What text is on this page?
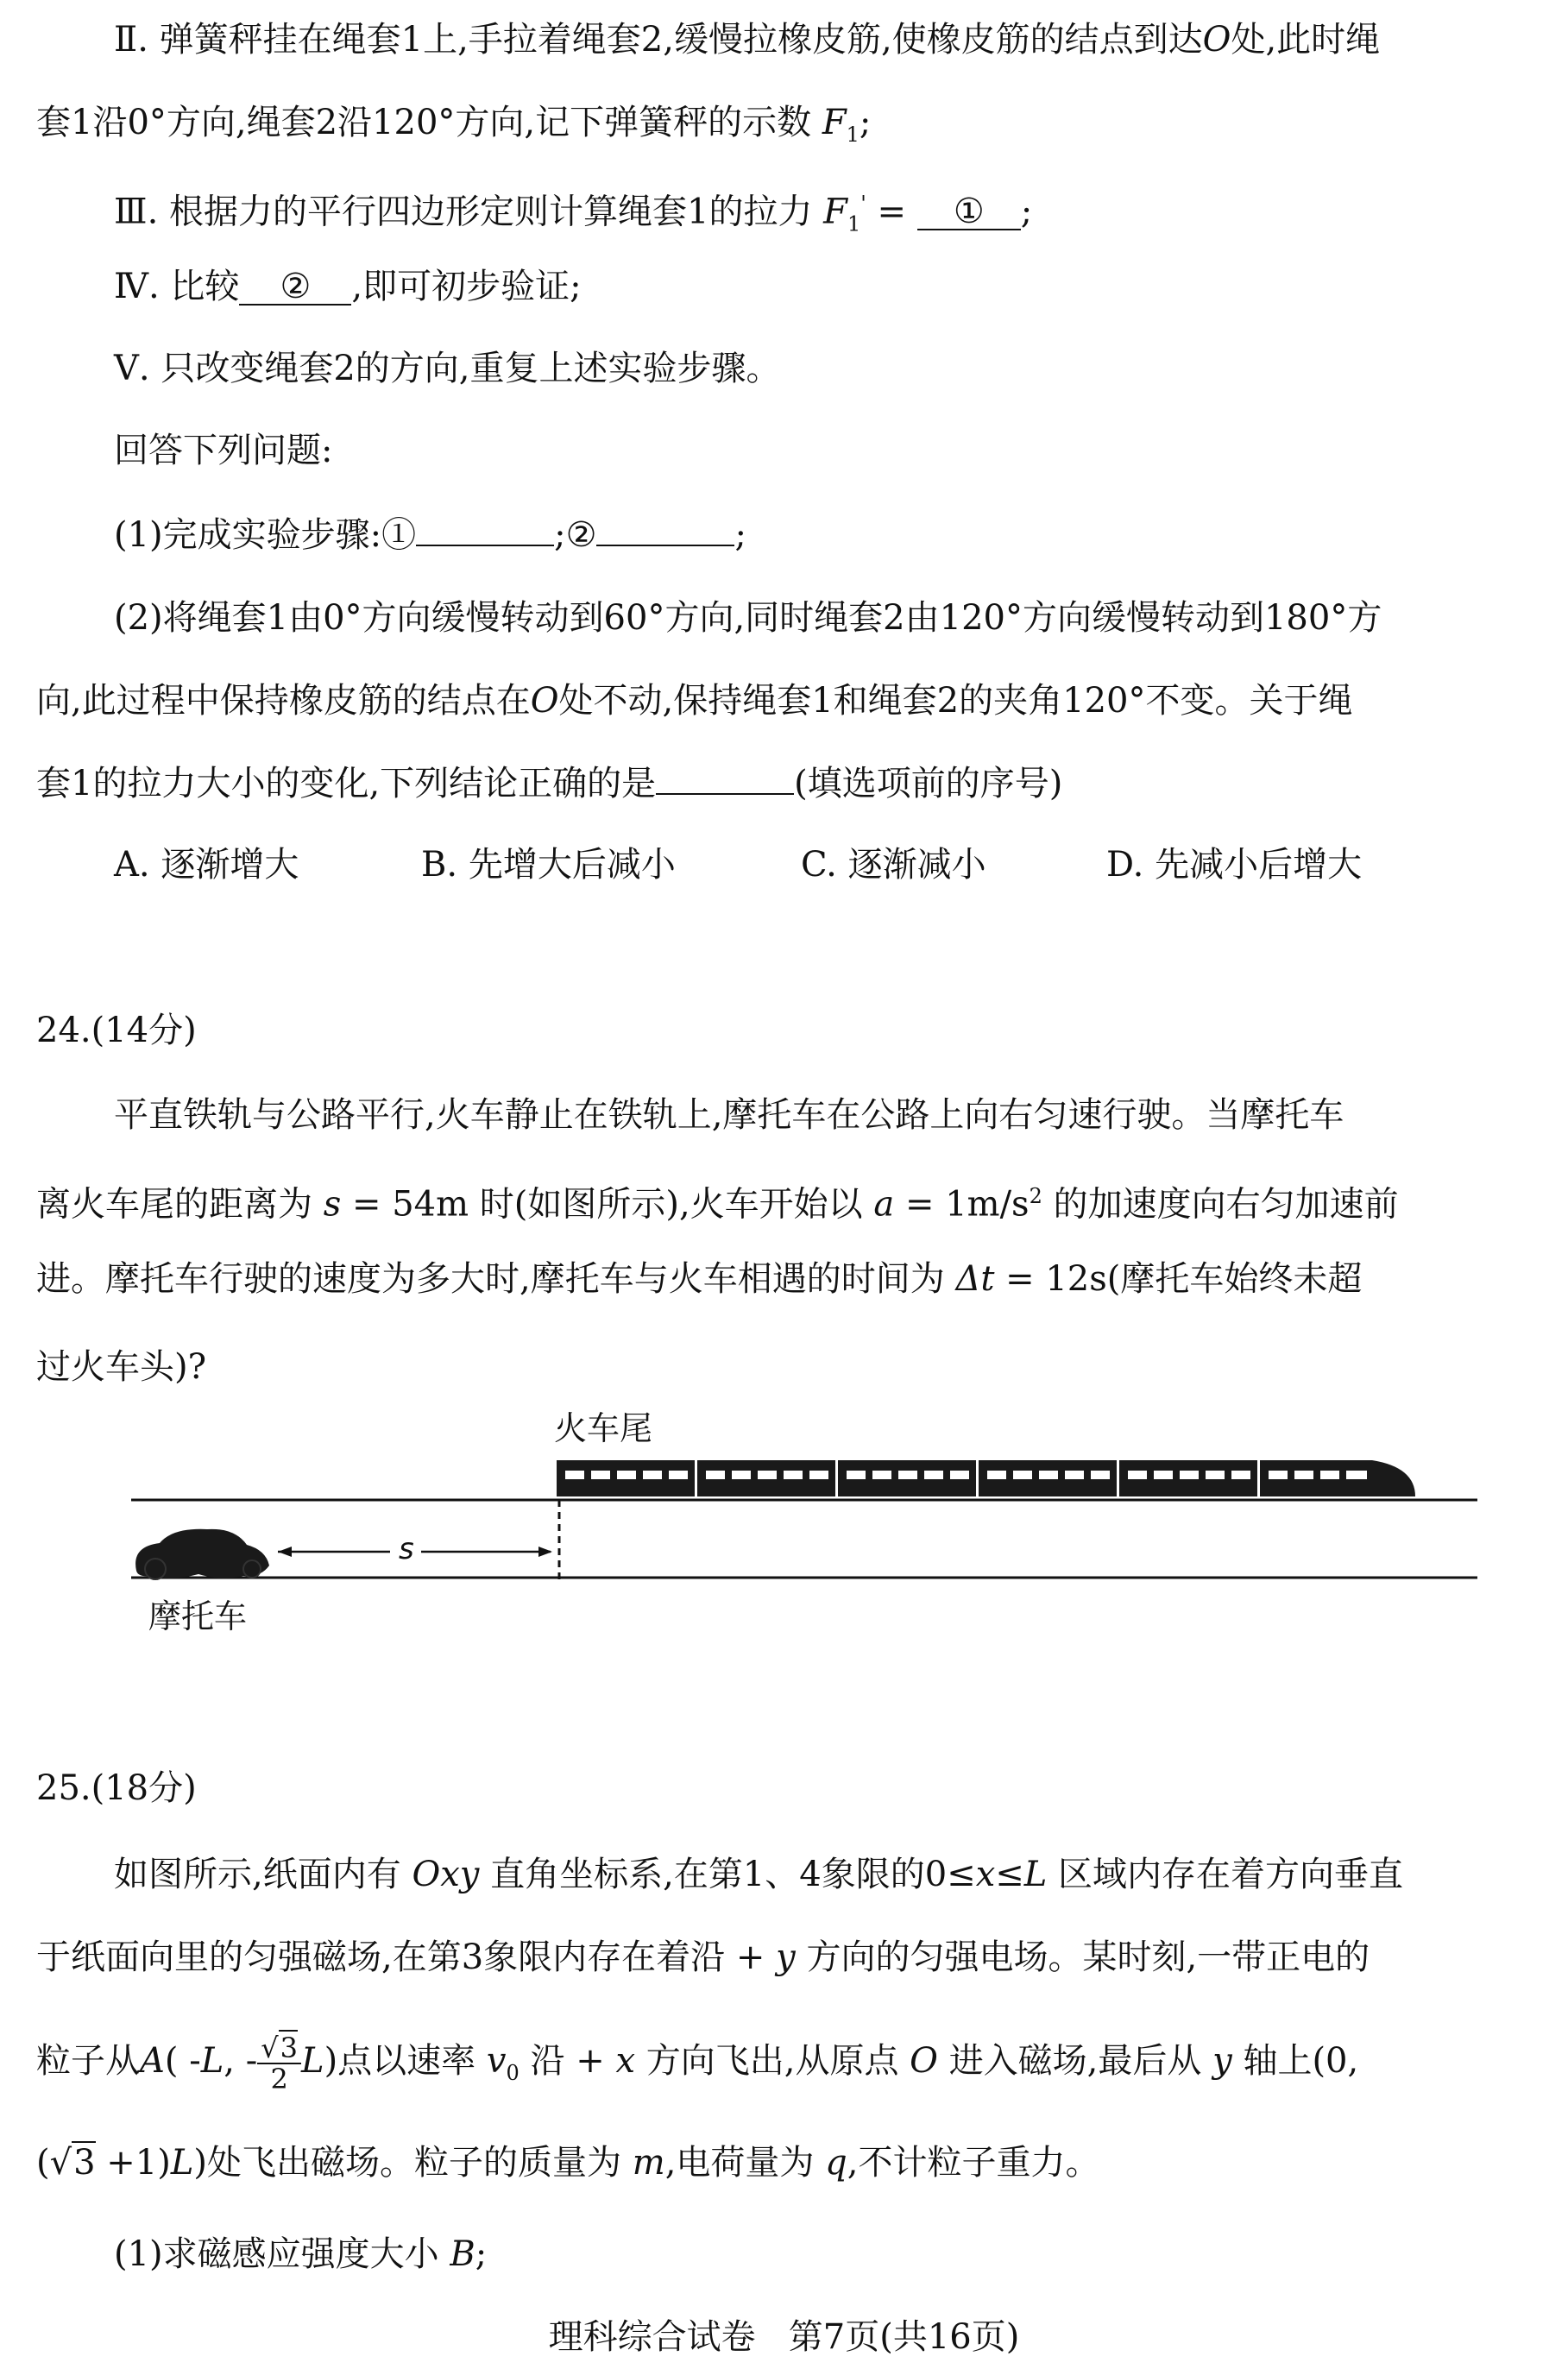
Ⅱ. 弹簧秤挂在绳套1上,手拉着绳套2,缓慢拉橡皮筋,使橡皮筋的结点到达O处,此时绳
套1沿0°方向,绳套2沿120°方向,记下弹簧秤的示数 $F_1$;
Ⅲ. 根据力的平行四边形定则计算绳套1的拉力 $F_1'$ = ① ;
Ⅳ. 比较 ② ,即可初步验证;
Ⅴ. 只改变绳套2的方向,重复上述实验步骤。
回答下列问题:
(1)完成实验步骤:①	;②	;
(2)将绳套1由0°方向缓慢转动到60°方向,同时绳套2由120°方向缓慢转动到180°方
向,此过程中保持橡皮筋的结点在O处不动,保持绳套1和绳套2的夹角120°不变。关于绳
套1的拉力大小的变化,下列结论正确的是	(填选项前的序号)
A. 逐渐增大	B. 先增大后减小	C. 逐渐减小	D. 先减小后增大
24.(14分)
平直铁轨与公路平行,火车静止在铁轨上,摩托车在公路上向右匀速行驶。当摩托车
离火车尾的距离为 s = 54m 时(如图所示),火车开始以 $a = 1m/s^2$ 的加速度向右匀加速前
进。摩托车行驶的速度为多大时,摩托车与火车相遇的时间为 Δt = 12s(摩托车始终未超
过火车头)?
火车尾
s
摩托车
25.(18分)
如图所示,纸面内有 Oxy 直角坐标系,在第1、4象限的0≤x≤L 区域内存在着方向垂直
于纸面向里的匀强磁场,在第3象限内存在着沿 + y 方向的匀强电场。某时刻,一带正电的
粒子从A( -L, - $\frac{√3}{2} L$)点以速率 $v_0$ 沿 + x 方向飞出,从原点 O 进入磁场,最后从 y 轴上(0,
(√3 +1)L)处飞出磁场。粒子的质量为 m,电荷量为 q,不计粒子重力。
(1)求磁感应强度大小 B;
理科综合试卷   第7页(共16页)
